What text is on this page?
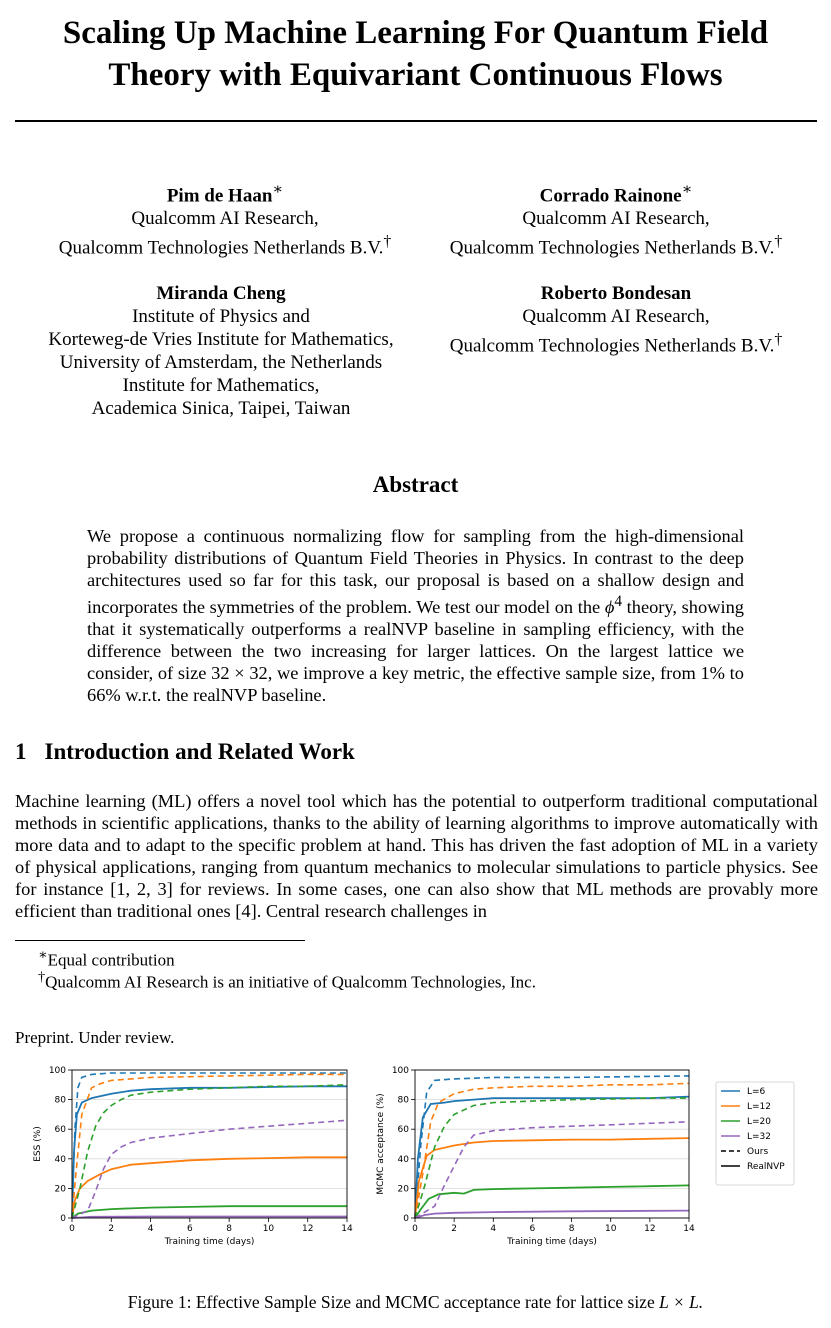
Scaling Up Machine Learning For Quantum Field
Theory with Equivariant Continuous Flows
Pim de Haan∗
Qualcomm AI Research,
Qualcomm Technologies Netherlands B.V.†
Corrado Rainone∗
Qualcomm AI Research,
Qualcomm Technologies Netherlands B.V.†
Miranda Cheng
Institute of Physics and
Korteweg-de Vries Institute for Mathematics,
University of Amsterdam, the Netherlands
Institute for Mathematics,
Academica Sinica, Taipei, Taiwan
Roberto Bondesan
Qualcomm AI Research,
Qualcomm Technologies Netherlands B.V.†
Abstract

We propose a continuous normalizing flow for sampling from the high-dimensional probability distributions of Quantum Field Theories in Physics. In contrast to the deep architectures used so far for this task, our proposal is based on a shallow design and incorporates the symmetries of the problem. We test our model on the $\phi^4$ theory, showing that it systematically outperforms a realNVP baseline in sampling efficiency, with the difference between the two increasing for larger lattices. On the largest lattice we consider, of size 32 × 32, we improve a key metric, the effective sample size, from 1% to 66% w.r.t. the realNVP baseline.

1 Introduction and Related Work

Machine learning (ML) offers a novel tool which has the potential to outperform traditional computational methods in scientific applications, thanks to the ability of learning algorithms to improve automatically with more data and to adapt to the specific problem at hand. This has driven the fast adoption of ML in a variety of physical applications, ranging from quantum mechanics to molecular simulations to particle physics. See for instance [1, 2, 3] for reviews. In some cases, one can also show that ML methods are provably more efficient than traditional ones [4]. Central research challenges in

∗Equal contribution
†Qualcomm AI Research is an initiative of Qualcomm Technologies, Inc.
Preprint. Under review.
0	2	4	6	8	10	12	14
0
20
40
60
80
100
Training time (days)
ESS (%)
0	2	4	6	8	10	12	14
0
20
40
60
80
100
Training time (days)
MCMC acceptance (%)
L=6
L=12
L=20
L=32
Ours
RealNVP
Figure 1: Effective Sample Size and MCMC acceptance rate for lattice size L × L.
